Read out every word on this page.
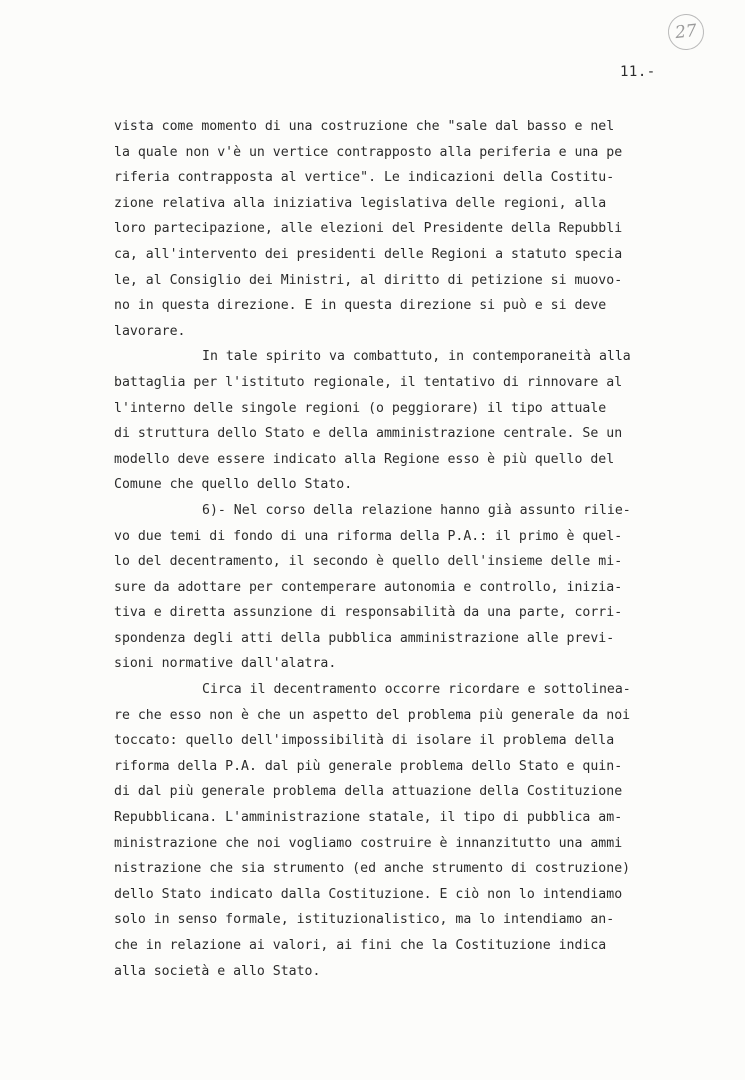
27
11.-
vista come momento di una costruzione che "sale dal basso e nel
la quale non v'è un vertice contrapposto alla periferia e una pe
riferia contrapposta al vertice". Le indicazioni della Costitu-
zione relativa alla iniziativa legislativa delle regioni, alla
loro partecipazione, alle elezioni del Presidente della Repubbli
ca, all'intervento dei presidenti delle Regioni a statuto specia
le, al Consiglio dei Ministri, al diritto di petizione si muovo-
no in questa direzione. E in questa direzione si può e si deve
lavorare.
In tale spirito va combattuto, in contemporaneità alla
battaglia per l'istituto regionale, il tentativo di rinnovare al
l'interno delle singole regioni (o peggiorare) il tipo attuale
di struttura dello Stato e della amministrazione centrale. Se un
modello deve essere indicato alla Regione esso è più quello del
Comune che quello dello Stato.
6)- Nel corso della relazione hanno già assunto rilie-
vo due temi di fondo di una riforma della P.A.: il primo è quel-
lo del decentramento, il secondo è quello dell'insieme delle mi-
sure da adottare per contemperare autonomia e controllo, inizia-
tiva e diretta assunzione di responsabilità da una parte, corri-
spondenza degli atti della pubblica amministrazione alle previ-
sioni normative dall'alatra.
Circa il decentramento occorre ricordare e sottolinea-
re che esso non è che un aspetto del problema più generale da noi
toccato: quello dell'impossibilità di isolare il problema della
riforma della P.A. dal più generale problema dello Stato e quin-
di dal più generale problema della attuazione della Costituzione
Repubblicana. L'amministrazione statale, il tipo di pubblica am-
ministrazione che noi vogliamo costruire è innanzitutto una ammi
nistrazione che sia strumento (ed anche strumento di costruzione)
dello Stato indicato dalla Costituzione. E ciò non lo intendiamo
solo in senso formale, istituzionalistico, ma lo intendiamo an-
che in relazione ai valori, ai fini che la Costituzione indica
alla società e allo Stato.
